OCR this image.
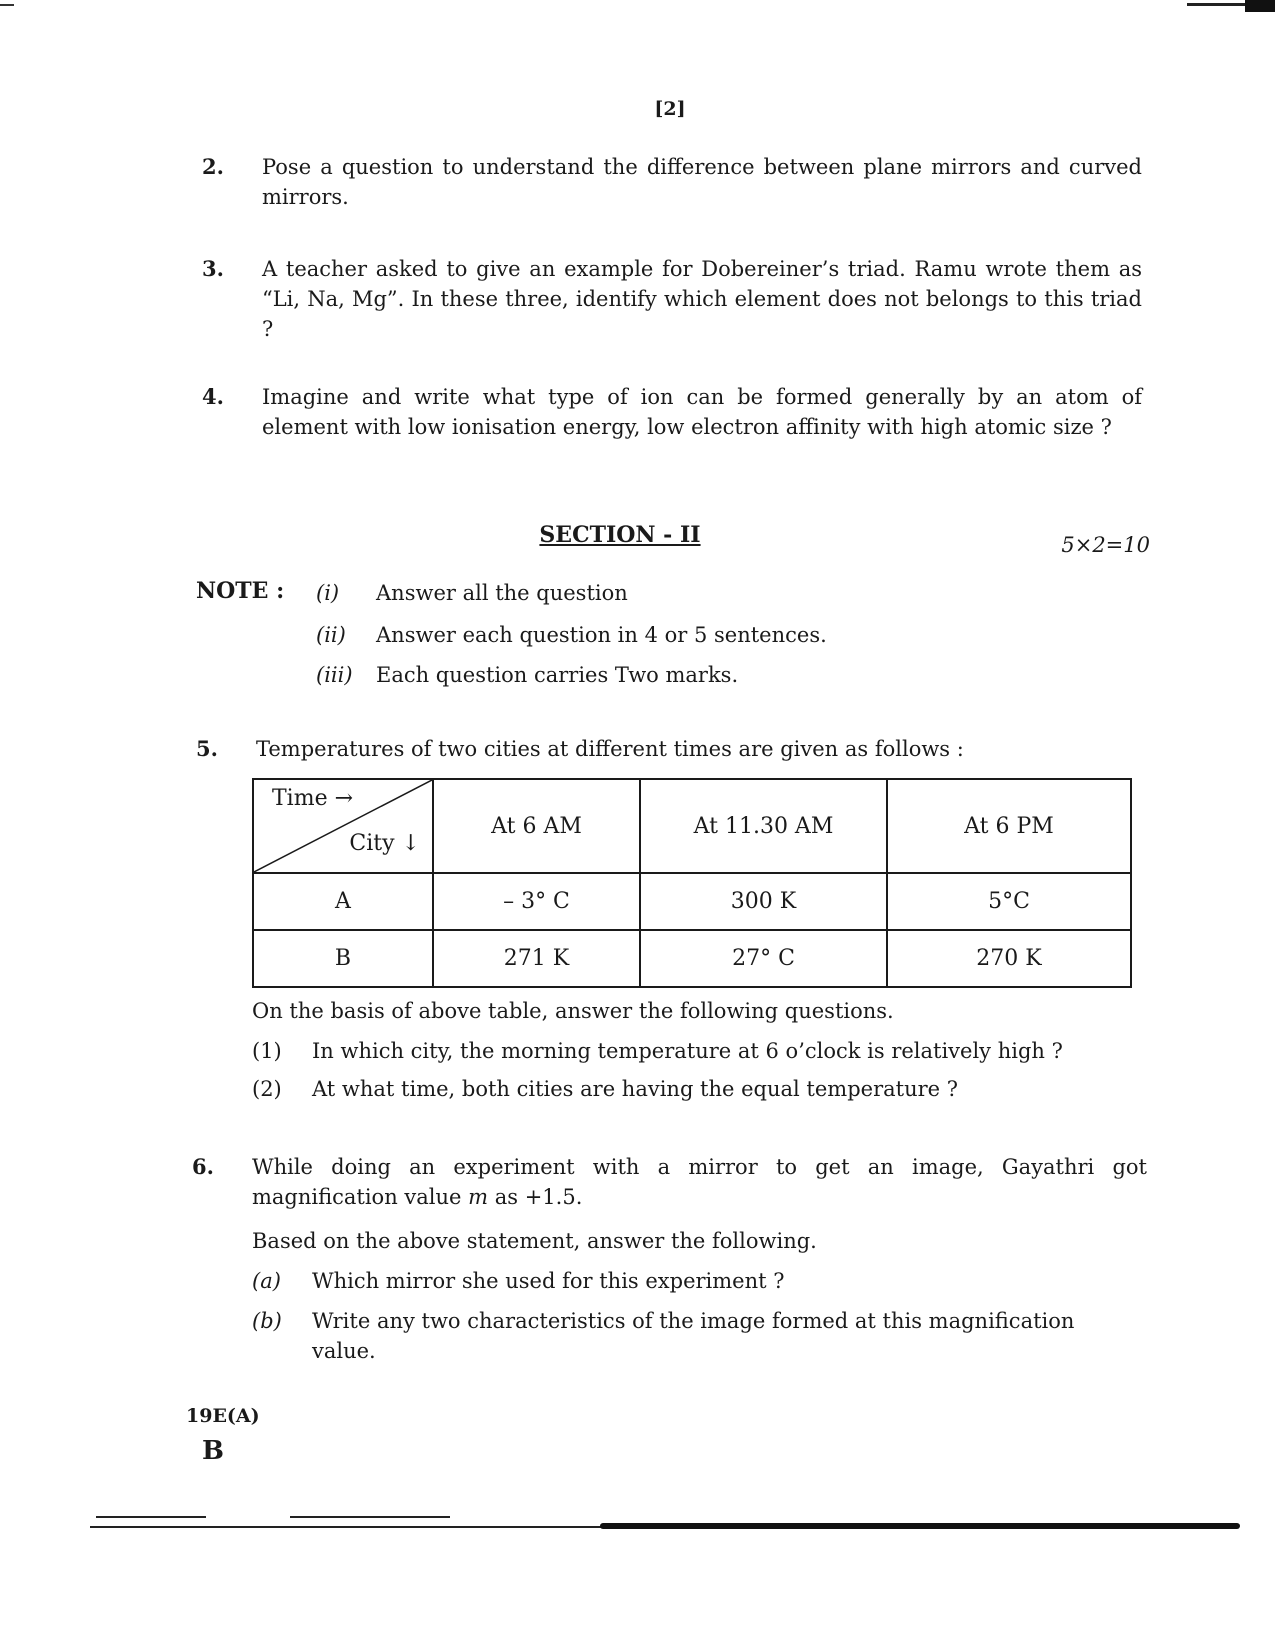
[2]
2. Pose a question to understand the difference between plane mirrors and curved mirrors.
3. A teacher asked to give an example for Dobereiner’s triad. Ramu wrote them as “Li, Na, Mg”. In these three, identify which element does not belongs to this triad ?
4. Imagine and write what type of ion can be formed generally by an atom of element with low ionisation energy, low electron affinity with high atomic size ?
SECTION - II	5×2=10
NOTE : (i) Answer all the question
(ii) Answer each question in 4 or 5 sentences.
(iii) Each question carries Two marks.
5. Temperatures of two cities at different times are given as follows :
Time →
City ↓	At 6 AM	At 11.30 AM	At 6 PM
A	– 3° C	300 K	5°C
B	271 K	27° C	270 K
On the basis of above table, answer the following questions.
(1) In which city, the morning temperature at 6 o’clock is relatively high ?
(2) At what time, both cities are having the equal temperature ?
6. While doing an experiment with a mirror to get an image, Gayathri got magnification value m as +1.5.
Based on the above statement, answer the following.
(a) Which mirror she used for this experiment ?
(b) Write any two characteristics of the image formed at this magnification value.
19E(A)
B
